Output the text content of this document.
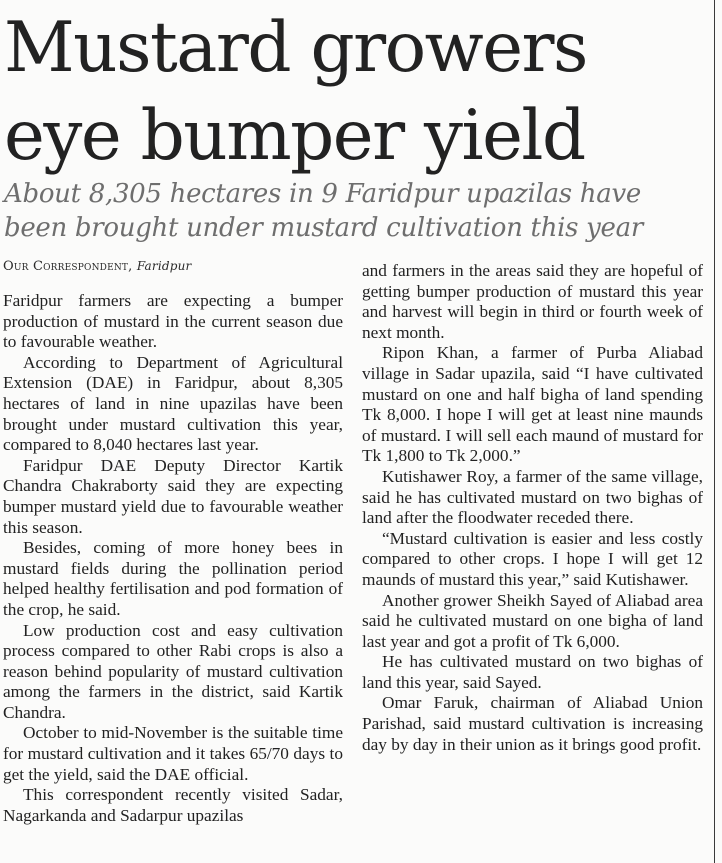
Mustard growers eye bumper yield

About 8,305 hectares in 9 Faridpur upazilas have been brought under mustard cultivation this year

Our Correspondent, Faridpur

Faridpur farmers are expecting a bumper production of mustard in the current season due to favourable weather.

According to Department of Agricultural Extension (DAE) in Faridpur, about 8,305 hectares of land in nine upazilas have been brought under mustard cultivation this year, compared to 8,040 hectares last year.

Faridpur DAE Deputy Director Kartik Chandra Chakraborty said they are expecting bumper mustard yield due to favourable weather this season.

Besides, coming of more honey bees in mustard fields during the pollination period helped healthy fertilisation and pod formation of the crop, he said.

Low production cost and easy cultivation process compared to other Rabi crops is also a reason behind popularity of mustard cultivation among the farmers in the district, said Kartik Chandra.

October to mid-November is the suitable time for mustard cultivation and it takes 65/70 days to get the yield, said the DAE official.

This correspondent recently visited Sadar, Nagarkanda and Sadarpur upazilas

and farmers in the areas said they are hopeful of getting bumper production of mustard this year and harvest will begin in third or fourth week of next month.

Ripon Khan, a farmer of Purba Aliabad village in Sadar upazila, said “I have cultivated mustard on one and half bigha of land spending Tk 8,000. I hope I will get at least nine maunds of mustard. I will sell each maund of mustard for Tk 1,800 to Tk 2,000.”

Kutishawer Roy, a farmer of the same village, said he has cultivated mustard on two bighas of land after the floodwater receded there.

“Mustard cultivation is easier and less costly compared to other crops. I hope I will get 12 maunds of mustard this year,” said Kutishawer.

Another grower Sheikh Sayed of Aliabad area said he cultivated mustard on one bigha of land last year and got a profit of Tk 6,000.

He has cultivated mustard on two bighas of land this year, said Sayed.

Omar Faruk, chairman of Aliabad Union Parishad, said mustard cultivation is increasing day by day in their union as it brings good profit.
